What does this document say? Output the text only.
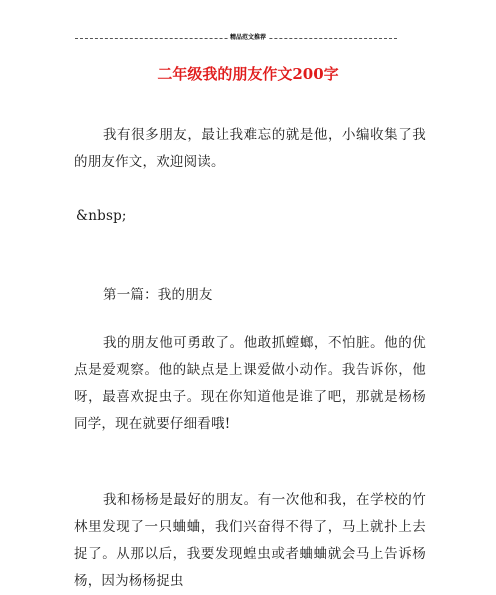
精品范文推荐
二年级我的朋友作文200字

我有很多朋友，最让我难忘的就是他，小编收集了我的朋友作文，欢迎阅读。

&nbsp;

第一篇：我的朋友

我的朋友他可勇敢了。他敢抓螳螂，不怕脏。他的优点是爱观察。他的缺点是上课爱做小动作。我告诉你，他呀，最喜欢捉虫子。现在你知道他是谁了吧，那就是杨杨同学，现在就要仔细看哦!

我和杨杨是最好的朋友。有一次他和我，在学校的竹林里发现了一只蛐蛐，我们兴奋得不得了，马上就扑上去捉了。从那以后，我要发现蝗虫或者蛐蛐就会马上告诉杨杨，因为杨杨捉虫
